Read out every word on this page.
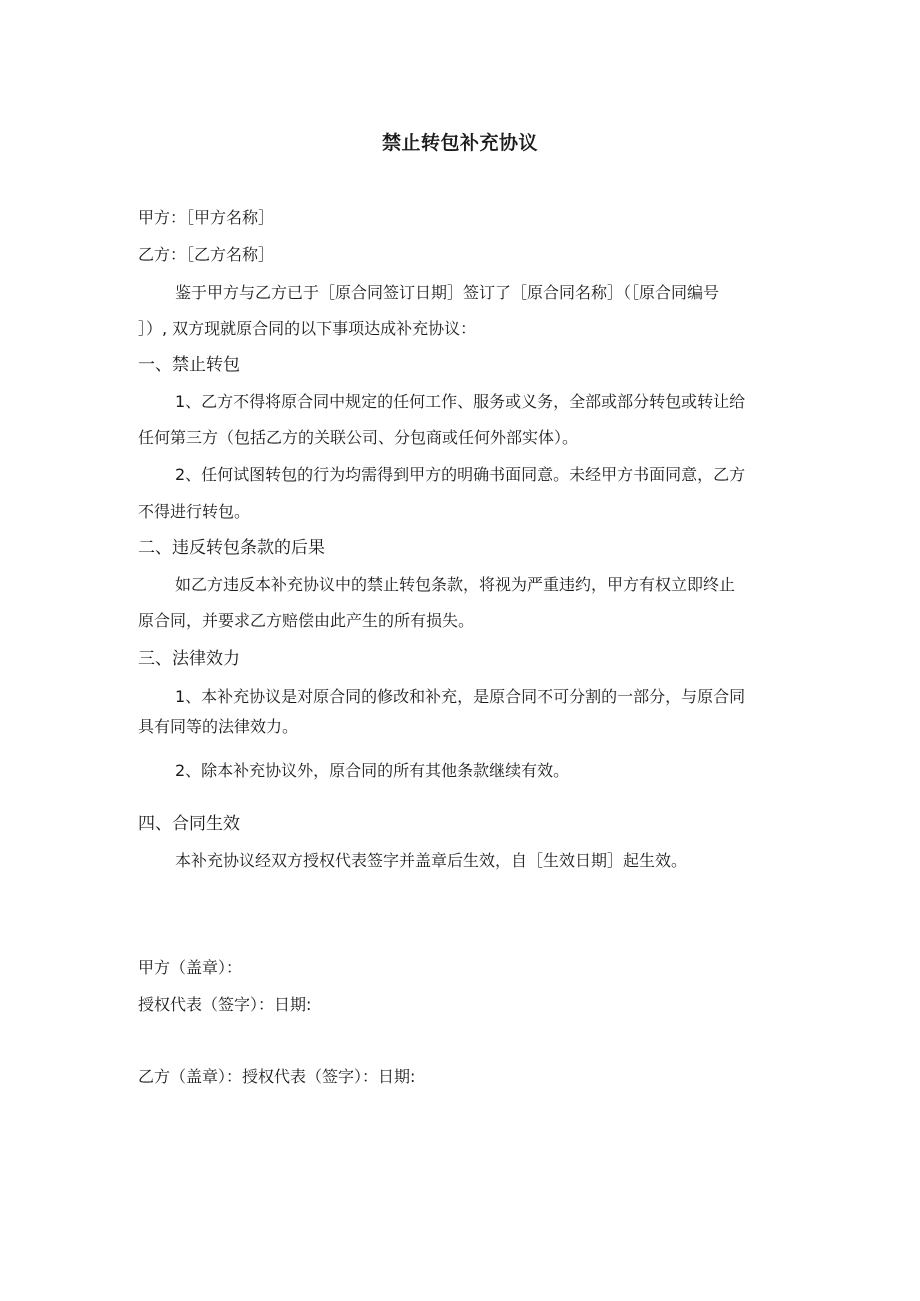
禁止转包补充协议
甲方：［甲方名称］
乙方：［乙方名称］
鉴于甲方与乙方已于［原合同签订日期］签订了［原合同名称］（［原合同编号
］）, 双方现就原合同的以下事项达成补充协议：
一、禁止转包
1、乙方不得将原合同中规定的任何工作、服务或义务，全部或部分转包或转让给
任何第三方（包括乙方的关联公司、分包商或任何外部实体）。
2、任何试图转包的行为均需得到甲方的明确书面同意。未经甲方书面同意，乙方
不得进行转包。
二、违反转包条款的后果
如乙方违反本补充协议中的禁止转包条款，将视为严重违约，甲方有权立即终止
原合同，并要求乙方赔偿由此产生的所有损失。
三、法律效力
1、本补充协议是对原合同的修改和补充，是原合同不可分割的一部分，与原合同
具有同等的法律效力。
2、除本补充协议外，原合同的所有其他条款继续有效。
四、合同生效
本补充协议经双方授权代表签字并盖章后生效，自［生效日期］起生效。
甲方（盖章）：
授权代表（签字）：日期:
乙方（盖章）：授权代表（签字）：日期:
